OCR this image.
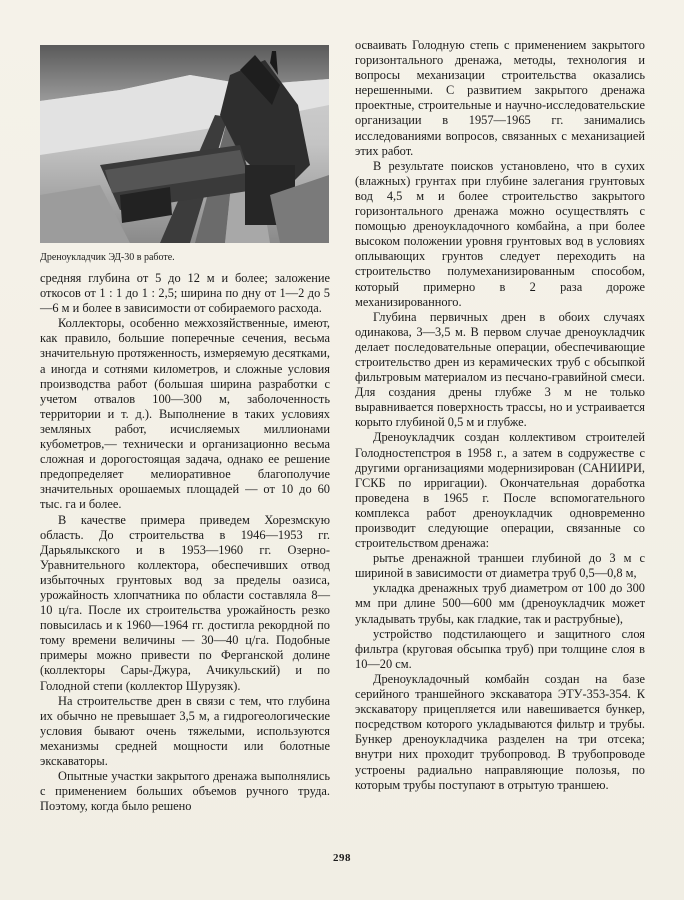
Дреноукладчик ЭД-30 в работе.

средняя глубина от 5 до 12 м и более; заложение откосов от 1 : 1 до 1 : 2,5; ширина по дну от 1—2 до 5—6 м и более в зависимости от собираемого расхода.

Коллекторы, особенно межхозяйственные, имеют, как правило, большие поперечные сечения, весьма значительную протяженность, измеряемую десятками, а иногда и сотнями километров, и сложные условия производства работ (большая ширина разработки с учетом отвалов 100—300 м, заболоченность территории и т. д.). Выполнение в таких условиях земляных работ, исчисляемых миллионами кубометров,— технически и организационно весьма сложная и дорогостоящая задача, однако ее решение предопределяет мелиоративное благополучие значительных орошаемых площадей — от 10 до 60 тыс. га и более.

В качестве примера приведем Хорезмскую область. До строительства в 1946—1953 гг. Дарьялыкского и в 1953—1960 гг. Озерно-Уравнительного коллектора, обеспечивших отвод избыточных грунтовых вод за пределы оазиса, урожайность хлопчатника по области составляла 8—10 ц/га. После их строительства урожайность резко повысилась и к 1960—1964 гг. достигла рекордной по тому времени величины — 30—40 ц/га. Подобные примеры можно привести по Ферганской долине (коллекторы Сары-Джура, Ачикульский) и по Голодной степи (коллектор Шурузяк).

На строительстве дрен в связи с тем, что глубина их обычно не превышает 3,5 м, а гидрогеологические условия бывают очень тяжелыми, используются механизмы средней мощности или болотные экскаваторы.

Опытные участки закрытого дренажа выполнялись с применением больших объемов ручного труда. Поэтому, когда было решено

осваивать Голодную степь с применением закрытого горизонтального дренажа, методы, технология и вопросы механизации строительства оказались нерешенными. С развитием закрытого дренажа проектные, строительные и научно-исследовательские организации в 1957—1965 гг. занимались исследованиями вопросов, связанных с механизацией этих работ.

В результате поисков установлено, что в сухих (влажных) грунтах при глубине залегания грунтовых вод 4,5 м и более строительство закрытого горизонтального дренажа можно осуществлять с помощью дреноукладочного комбайна, а при более высоком положении уровня грунтовых вод в условиях оплывающих грунтов следует переходить на строительство полумеханизированным способом, который примерно в 2 раза дороже механизированного.

Глубина первичных дрен в обоих случаях одинакова, 3—3,5 м. В первом случае дреноукладчик делает последовательные операции, обеспечивающие строительство дрен из керамических труб с обсыпкой фильтровым материалом из песчано-гравийной смеси. Для создания дрены глубже 3 м не только выравнивается поверхность трассы, но и устраивается корыто глубиной 0,5 м и глубже.

Дреноукладчик создан коллективом строителей Голодностепстроя в 1958 г., а затем в содружестве с другими организациями модернизирован (САНИИРИ, ГСКБ по ирригации). Окончательная доработка проведена в 1965 г. После вспомогательного комплекса работ дреноукладчик одновременно производит следующие операции, связанные со строительством дренажа:

рытье дренажной траншеи глубиной до 3 м с шириной в зависимости от диаметра труб 0,5—0,8 м,

укладка дренажных труб диаметром от 100 до 300 мм при длине 500—600 мм (дреноукладчик может укладывать трубы, как гладкие, так и раструбные),

устройство подстилающего и защитного слоя фильтра (круговая обсыпка труб) при толщине слоя в 10—20 см.

Дреноукладочный комбайн создан на базе серийного траншейного экскаватора ЭТУ-353-354. К экскаватору прицепляется или навешивается бункер, посредством которого укладываются фильтр и трубы. Бункер дреноукладчика разделен на три отсека; внутри них проходит трубопровод. В трубопроводе устроены радиально направляющие полозья, по которым трубы поступают в отрытую траншею.

298
